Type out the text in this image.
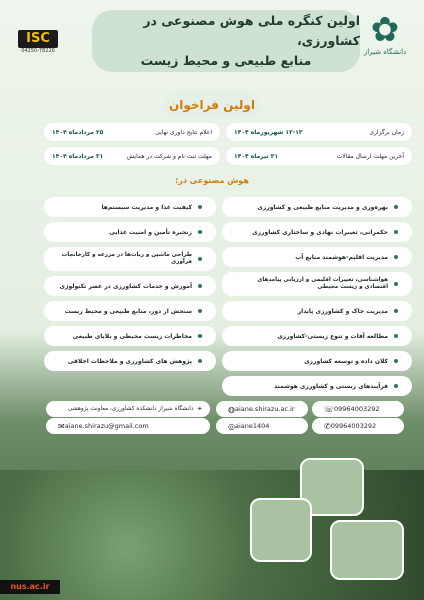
✿
دانشگاه شیراز
اولین کنگره ملی هوش مصنوعی در کشاورزی،
منابع طبیعی و محیط زیست
ISC
04250-78220
اولین فراخوان
زمان برگزاری
۱۲-۱۳ شهریورماه ۱۴۰۴
اعلام نتایج داوری نهایی
۲۵ مردادماه ۱۴۰۴
آخرین مهلت ارسال مقالات
۳۱ تیرماه ۱۴۰۴
مهلت ثبت نام و شرکت در همایش
۳۱ مردادماه ۱۴۰۴
هوش مصنوعی در:
بهره‌وری و مدیریت منابع طبیعی و کشاورزی
حکمرانی، تغییرات نهادی و ساختاری کشاورزی
مدیریت اقلیم-هوشمند منابع آب
هواشناسی، تغییرات اقلیمی و ارزیابی پیامدهای اقتصادی و زیست محیطی
مدیریت خاک و کشاورزی پایدار
مطالعه آفات و تنوع زیستی-کشاورزی
کلان داده و توسعه کشاورزی
فرآیندهای زیستی و کشاورزی هوشمند
کیفیت غذا و مدیریت سیستم‌ها
زنجیره تأمین و امنیت غذایی
طراحی ماشین و ربات‌ها در مزرعه و کارخانجات فرآوری
آموزش و خدمات کشاورزی در عصر تکنولوژی
سنجش از دور، منابع طبیعی و محیط زیست
مخاطرات زیست محیطی و بلایای طبیعی
پژوهش های کشاورزی و ملاحظات اخلاقی
☏ 09964003292
◍ aiane.shirazu.ac.ir
⌖
دانشگاه شیراز دانشکده کشاورزی، معاونت پژوهشی
✆ 09964003292
◎ aiane1404
✉ aiane.shirazu@gmail.com
nus.ac.ir
